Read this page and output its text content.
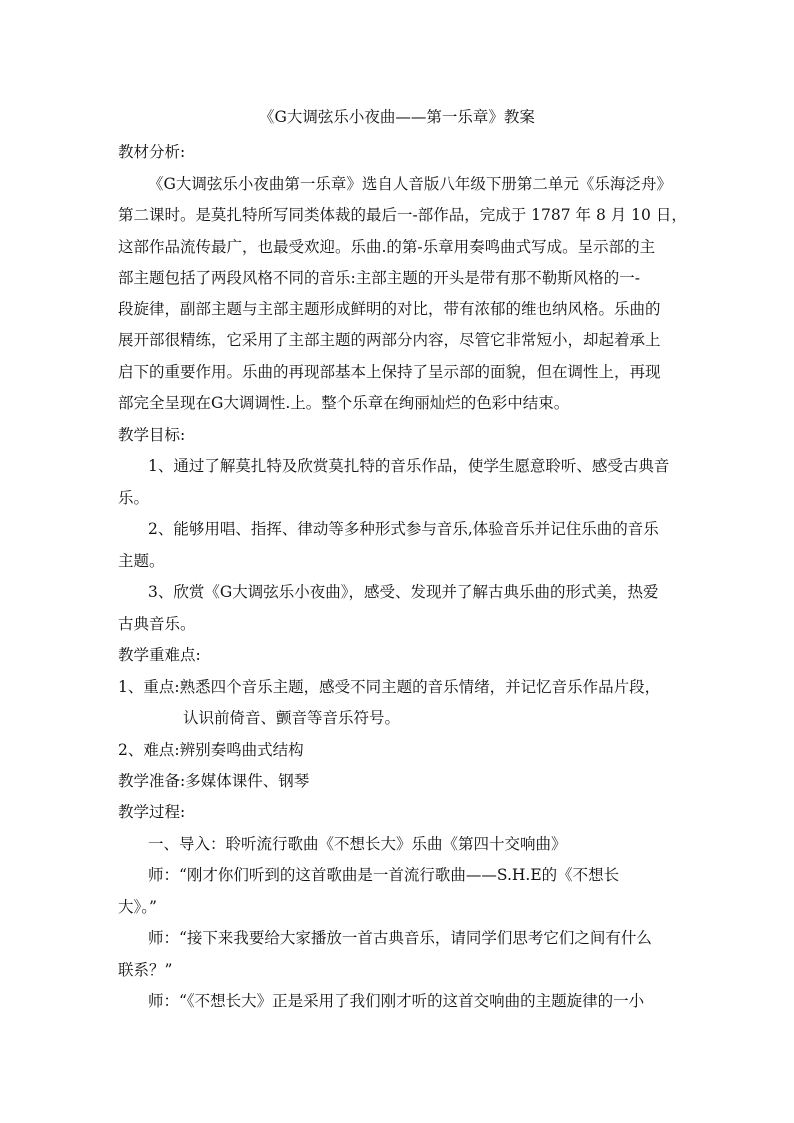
《G大调弦乐小夜曲——第一乐章》教案
教材分析:
《G大调弦乐小夜曲第一乐章》选自人音版八年级下册第二单元《乐海泛舟》
第二课时。是莫扎特所写同类体裁的最后一-部作品，完成于 1787 年 8 月 10 日，
这部作品流传最广，也最受欢迎。乐曲.的第-乐章用奏鸣曲式写成。呈示部的主
部主题包括了两段风格不同的音乐:主部主题的开头是带有那不勒斯风格的一-
段旋律，副部主题与主部主题形成鲜明的对比，带有浓郁的维也纳风格。乐曲的
展开部很精练，它采用了主部主题的两部分内容，尽管它非常短小，却起着承上
启下的重要作用。乐曲的再现部基本上保持了呈示部的面貌，但在调性上，再现
部完全呈现在G大调调性.上。整个乐章在绚丽灿烂的色彩中结束。
教学目标:
1、通过了解莫扎特及欣赏莫扎特的音乐作品，使学生愿意聆听、感受古典音
乐。
2、能够用唱、指挥、律动等多种形式参与音乐,体验音乐并记住乐曲的音乐
主题。
3、欣赏《G大调弦乐小夜曲》，感受、发现并了解古典乐曲的形式美，热爱
古典音乐。
教学重难点:
1、重点:熟悉四个音乐主题，感受不同主题的音乐情绪，并记忆音乐作品片段，
认识前倚音、颤音等音乐符号。
2、难点:辨别奏鸣曲式结构
教学准备:多媒体课件、钢琴
教学过程:
一、导入：聆听流行歌曲《不想长大》乐曲《第四十交响曲》
师：“刚才你们听到的这首歌曲是一首流行歌曲——S.H.E的《不想长
大》。”
师：“接下来我要给大家播放一首古典音乐，请同学们思考它们之间有什么
联系？”
师：“《不想长大》正是采用了我们刚才听的这首交响曲的主题旋律的一小
